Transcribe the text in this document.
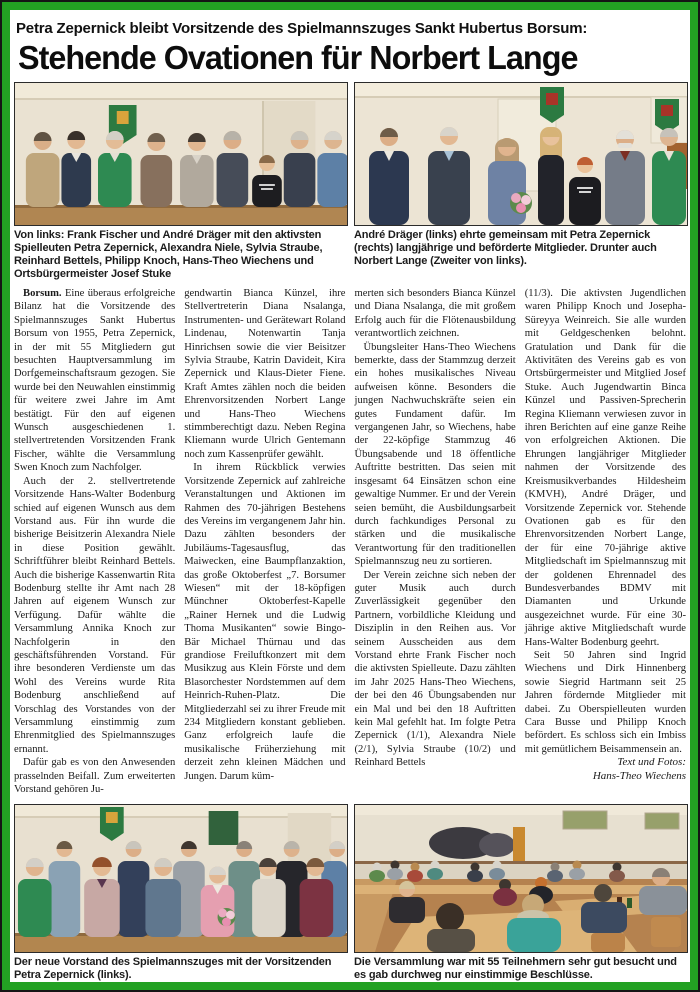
Petra Zepernick bleibt Vorsitzende des Spielmannszuges Sankt Hubertus Borsum:
Stehende Ovationen für Norbert Lange
Von links: Frank Fischer und André Dräger mit den aktivsten Spielleuten Petra Zepernick, Alexandra Niele, Sylvia Straube, Reinhard Bettels, Philipp Knoch, Hans-Theo Wiechens und Ortsbürgermeister Josef Stuke
André Dräger (links) ehrte gemeinsam mit Petra Zepernick (rechts) langjährige und beförderte Mitglieder. Drunter auch Norbert Lange (Zweiter von links).

Borsum. Eine überaus erfolgreiche Bilanz hat die Vorsitzende des Spielmannszuges Sankt Hubertus Borsum von 1955, Petra Zepernick, in der mit 55 Mitgliedern gut besuchten Hauptversammlung im Dorfgemeinschaftsraum gezogen. Sie wurde bei den Neuwahlen einstimmig für weitere zwei Jahre im Amt bestätigt. Für den auf eigenen Wunsch ausgeschiedenen 1. stellvertretenden Vorsitzenden Frank Fischer, wählte die Versammlung Swen Knoch zum Nachfolger.

Auch der 2. stellvertretende Vorsitzende Hans-Walter Bodenburg schied auf eigenen Wunsch aus dem Vorstand aus. Für ihn wurde die bisherige Beisitzerin Alexandra Niele in diese Position gewählt. Schriftführer bleibt Reinhard Bettels. Auch die bisherige Kassenwartin Rita Bodenburg stellte ihr Amt nach 28 Jahren auf eigenem Wunsch zur Verfügung. Dafür wählte die Versammlung Annika Knoch zur Nachfolgerin in den geschäftsführenden Vorstand. Für ihre besonderen Verdienste um das Wohl des Vereins wurde Rita Bodenburg anschließend auf Vorschlag des Vorstandes von der Versammlung einstimmig zum Ehrenmitglied des Spielmannszuges ernannt.

Dafür gab es von den Anwesenden prasselnden Beifall. Zum erweiterten Vorstand gehören Ju-

gendwartin Bianca Künzel, ihre Stellvertreterin Diana Nsalanga, Instrumenten- und Gerätewart Roland Lindenau, Notenwartin Tanja Hinrichsen sowie die vier Beisitzer Sylvia Straube, Katrin Davideit, Kira Zepernick und Klaus-Dieter Fiene. Kraft Amtes zählen noch die beiden Ehrenvorsitzenden Norbert Lange und Hans-Theo Wiechens stimmberechtigt dazu. Neben Regina Kliemann wurde Ulrich Gentemann noch zum Kassenprüfer gewählt.

In ihrem Rückblick verwies Vorsitzende Zepernick auf zahlreiche Veranstaltungen und Aktionen im Rahmen des 70-jährigen Bestehens des Vereins im vergangenem Jahr hin. Dazu zählten besonders der Jubiläums-Tagesausflug, das Maiwecken, eine Baumpflanzaktion, das große Oktoberfest „7. Borsumer Wiesen“ mit der 18-köpfigen Münchner Oktoberfest-Kapelle „Rainer Hernek und die Ludwig Thoma Musikanten“ sowie Bingo-Bär Michael Thürnau und das grandiose Freiluftkonzert mit dem Musikzug aus Klein Förste und dem Blasorchester Nordstemmen auf dem Heinrich-Ruhen-Platz. Die Mitgliederzahl sei zu ihrer Freude mit 234 Mitgliedern konstant geblieben. Ganz erfolgreich laufe die musikalische Früherziehung mit derzeit zehn kleinen Mädchen und Jungen. Darum küm-

merten sich besonders Bianca Künzel und Diana Nsalanga, die mit großem Erfolg auch für die Flötenausbildung verantwortlich zeichnen.

Übungsleiter Hans-Theo Wiechens bemerkte, dass der Stammzug derzeit ein hohes musikalisches Niveau aufweisen könne. Besonders die jungen Nachwuchskräfte seien ein gutes Fundament dafür. Im vergangenen Jahr, so Wiechens, habe der 22-köpfige Stammzug 46 Übungsabende und 18 öffentliche Auftritte bestritten. Das seien mit insgesamt 64 Einsätzen schon eine gewaltige Nummer. Er und der Verein seien bemüht, die Ausbildungsarbeit durch fachkundiges Personal zu stärken und die musikalische Verantwortung für den traditionellen Spielmannszug neu zu sortieren.

Der Verein zeichne sich neben der guter Musik auch durch Zuverlässigkeit gegenüber den Partnern, vorbildliche Kleidung und Disziplin in den Reihen aus. Vor seinem Ausscheiden aus dem Vorstand ehrte Frank Fischer noch die aktivsten Spielleute. Dazu zählten im Jahr 2025 Hans-Theo Wiechens, der bei den 46 Übungsabenden nur ein Mal und bei den 18 Auftritten kein Mal gefehlt hat. Im folgte Petra Zepernick (1/1), Alexandra Niele (2/1), Sylvia Straube (10/2) und Reinhard Bettels

(11/3). Die aktivsten Jugendlichen waren Philipp Knoch und Josepha-Süreyya Weinreich. Sie alle wurden mit Geldgeschenken belohnt. Gratulation und Dank für die Aktivitäten des Vereins gab es von Ortsbürgermeister und Mitglied Josef Stuke. Auch Jugendwartin Binca Künzel und Passiven-Sprecherin Regina Kliemann verwiesen zuvor in ihren Berichten auf eine ganze Reihe von erfolgreichen Aktionen. Die Ehrungen langjähriger Mitglieder nahmen der Vorsitzende des Kreismusikverbandes Hildesheim (KMVH), André Dräger, und Vorsitzende Zepernick vor. Stehende Ovationen gab es für den Ehrenvorsitzenden Norbert Lange, der für eine 70-jährige aktive Mitgliedschaft im Spielmannszug mit der goldenen Ehrennadel des Bundesverbandes BDMV mit Diamanten und Urkunde ausgezeichnet wurde. Für eine 30-jährige aktive Mitgliedschaft wurde Hans-Walter Bodenburg geehrt.

Seit 50 Jahren sind Ingrid Wiechens und Dirk Hinnenberg sowie Siegrid Hartmann seit 25 Jahren fördernde Mitglieder mit dabei. Zu Oberspielleuten wurden Cara Busse und Philipp Knoch befördert. Es schloss sich ein Imbiss mit gemütlichem Beisammensein an.

Text und Fotos:

Hans-Theo Wiechens

Der neue Vorstand des Spielmannszuges mit der Vorsitzenden Petra Zepernick (links).
Die Versammlung war mit 55 Teilnehmern sehr gut besucht und es gab durchweg nur einstimmige Beschlüsse.
